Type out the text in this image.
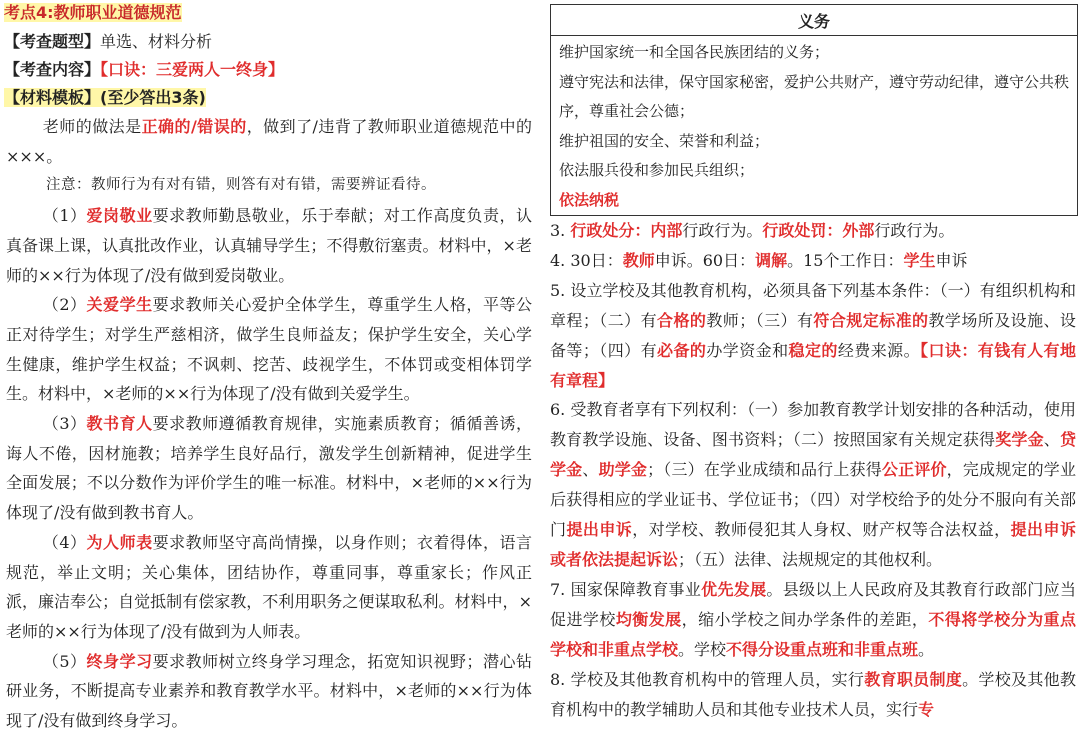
考点4:教师职业道德规范
【考查题型】单选、材料分析
【考查内容】【口诀：三爱两人一终身】
【材料模板】(至少答出3条)
老师的做法是正确的/错误的，做到了/违背了教师职业道德规范中的×××。
注意：教师行为有对有错，则答有对有错，需要辨证看待。
（1）爱岗敬业要求教师勤恳敬业，乐于奉献；对工作高度负责，认真备课上课，认真批改作业，认真辅导学生；不得敷衍塞责。材料中，×老师的××行为体现了/没有做到爱岗敬业。
（2）关爱学生要求教师关心爱护全体学生，尊重学生人格，平等公正对待学生；对学生严慈相济，做学生良师益友；保护学生安全，关心学生健康，维护学生权益；不讽刺、挖苦、歧视学生，不体罚或变相体罚学生。材料中，×老师的××行为体现了/没有做到关爱学生。
（3）教书育人要求教师遵循教育规律，实施素质教育；循循善诱，诲人不倦，因材施教；培养学生良好品行，激发学生创新精神，促进学生全面发展；不以分数作为评价学生的唯一标准。材料中，×老师的××行为体现了/没有做到教书育人。
（4）为人师表要求教师坚守高尚情操，以身作则；衣着得体，语言规范，举止文明；关心集体，团结协作，尊重同事，尊重家长；作风正派，廉洁奉公；自觉抵制有偿家教，不利用职务之便谋取私利。材料中，×老师的××行为体现了/没有做到为人师表。
（5）终身学习要求教师树立终身学习理念，拓宽知识视野；潜心钻研业务，不断提高专业素养和教育教学水平。材料中，×老师的××行为体现了/没有做到终身学习。
义务

维护国家统一和全国各民族团结的义务；
遵守宪法和法律，保守国家秘密，爱护公共财产，遵守劳动纪律，遵守公共秩序，尊重社会公德；
维护祖国的安全、荣誉和利益；
依法服兵役和参加民兵组织；
依法纳税
3. 行政处分：内部行政行为。行政处罚：外部行政行为。
4. 30日：教师申诉。60日：调解。15个工作日：学生申诉
5. 设立学校及其他教育机构，必须具备下列基本条件：（一）有组织机构和章程；（二）有合格的教师；（三）有符合规定标准的教学场所及设施、设备等；（四）有必备的办学资金和稳定的经费来源。【口诀：有钱有人有地有章程】
6. 受教育者享有下列权利：（一）参加教育教学计划安排的各种活动，使用教育教学设施、设备、图书资料；（二）按照国家有关规定获得奖学金、贷学金、助学金；（三）在学业成绩和品行上获得公正评价，完成规定的学业后获得相应的学业证书、学位证书；（四）对学校给予的处分不服向有关部门提出申诉，对学校、教师侵犯其人身权、财产权等合法权益，提出申诉或者依法提起诉讼；（五）法律、法规规定的其他权利。
7. 国家保障教育事业优先发展。县级以上人民政府及其教育行政部门应当促进学校均衡发展，缩小学校之间办学条件的差距，不得将学校分为重点学校和非重点学校。学校不得分设重点班和非重点班。
8. 学校及其他教育机构中的管理人员，实行教育职员制度。学校及其他教育机构中的教学辅助人员和其他专业技术人员，实行专
